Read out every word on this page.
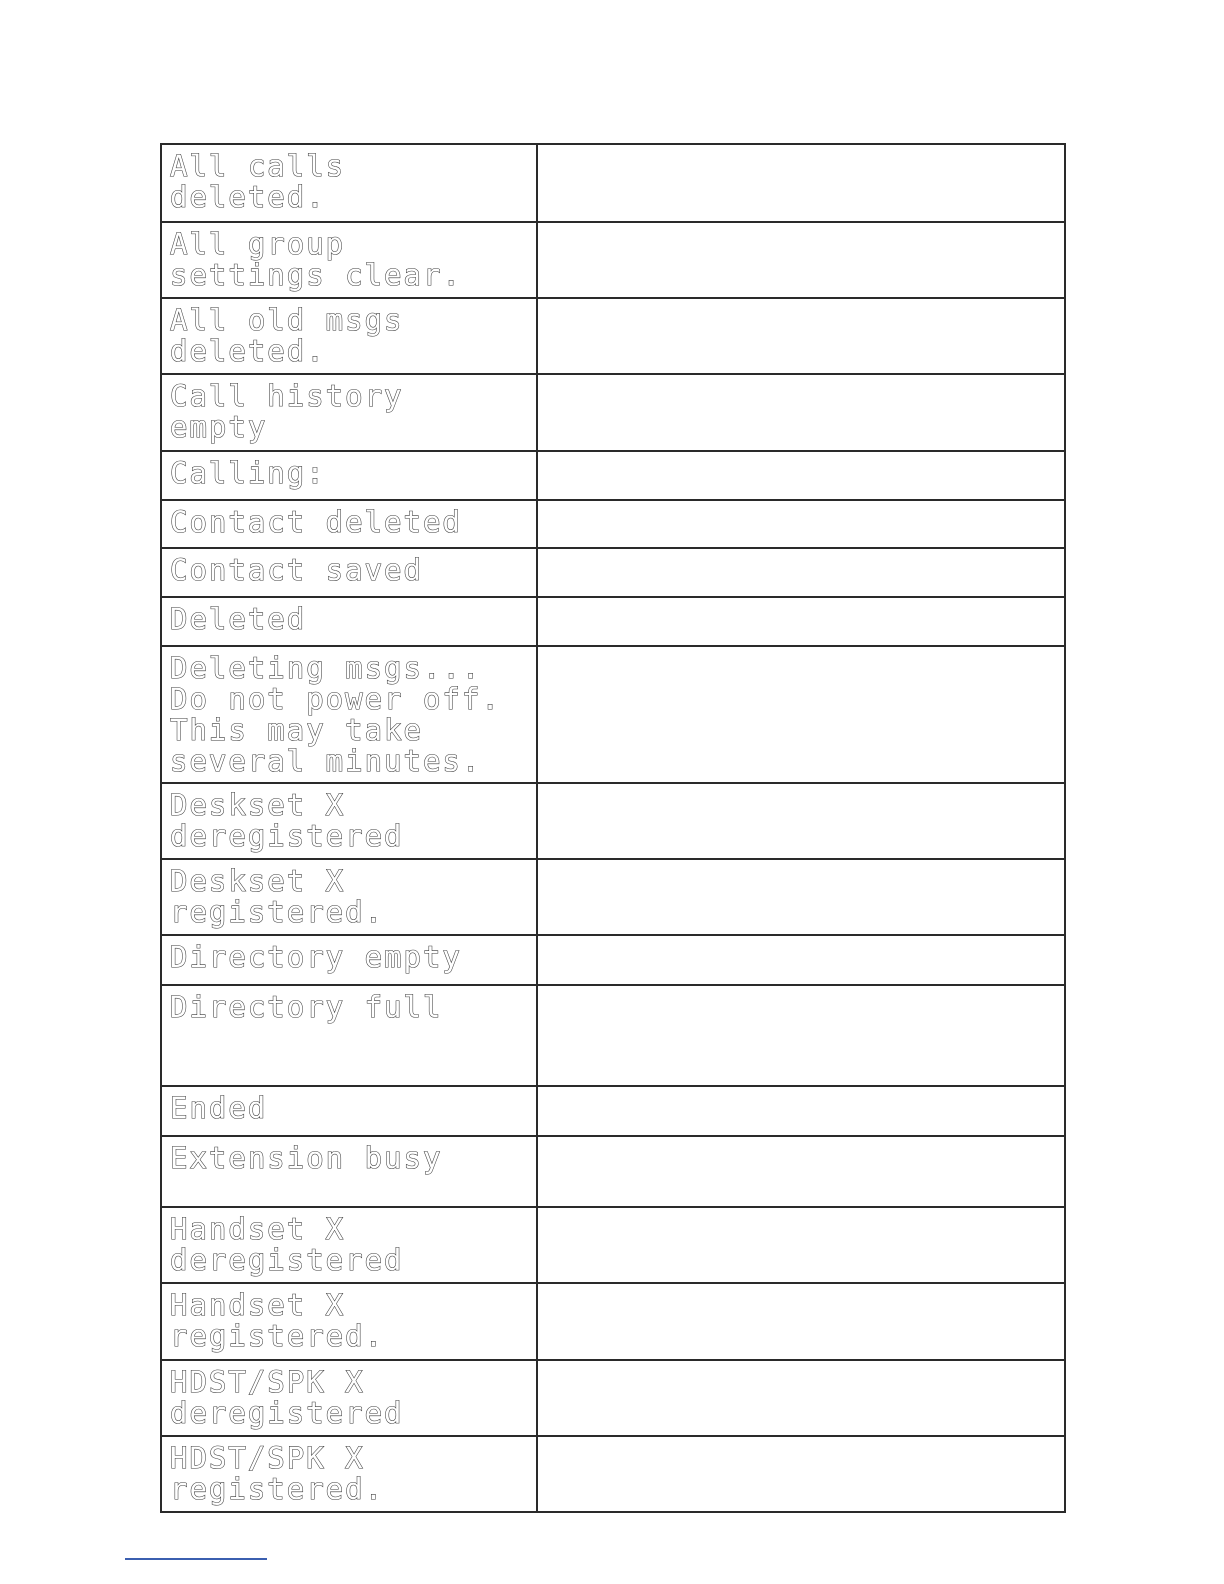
All calls
deleted.	

All group
settings clear.	

All old msgs
deleted.	

Call history
empty	

Calling:	

Contact deleted	

Contact saved	

Deleted	

Deleting msgs...
Do not power off.
This may take
several minutes.	

Deskset X
deregistered	

Deskset X
registered.	

Directory empty	

Directory full	

Ended	

Extension busy	

Handset X
deregistered	

Handset X
registered.	

HDST/SPK X
deregistered	

HDST/SPK X
registered.	
